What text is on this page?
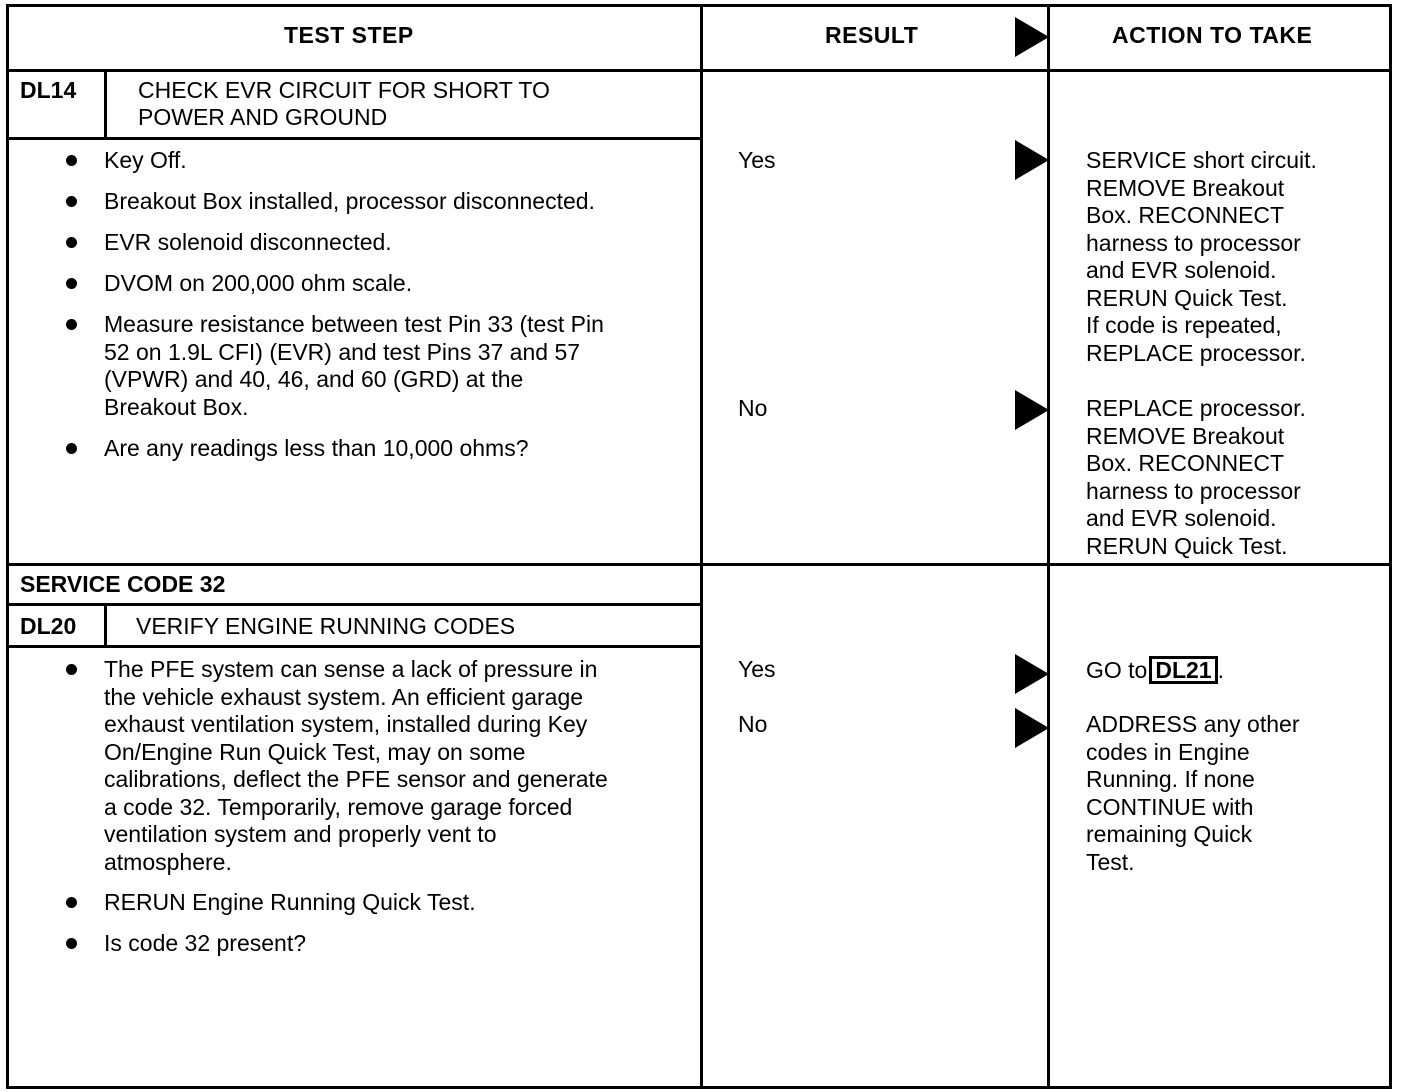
TEST STEP	RESULT	ACTION TO TAKE
DL14	CHECK EVR CIRCUIT FOR SHORT TO
POWER AND GROUND
Key Off.
Breakout Box installed, processor disconnected.
EVR solenoid disconnected.
DVOM on 200,000 ohm scale.
Measure resistance between test Pin 33 (test Pin
52 on 1.9L CFI) (EVR) and test Pins 37 and 57
(VPWR) and 40, 46, and 60 (GRD) at the
Breakout Box.
Are any readings less than 10,000 ohms?
Yes	SERVICE short circuit.
REMOVE Breakout
Box. RECONNECT
harness to processor
and EVR solenoid.
RERUN Quick Test.
If code is repeated,
REPLACE processor.
No	REPLACE processor.
REMOVE Breakout
Box. RECONNECT
harness to processor
and EVR solenoid.
RERUN Quick Test.
SERVICE CODE 32
DL20	VERIFY ENGINE RUNNING CODES
The PFE system can sense a lack of pressure in
the vehicle exhaust system. An efficient garage
exhaust ventilation system, installed during Key
On/Engine Run Quick Test, may on some
calibrations, deflect the PFE sensor and generate
a code 32. Temporarily, remove garage forced
ventilation system and properly vent to
atmosphere.
RERUN Engine Running Quick Test.
Is code 32 present?
Yes	GO to DL21 .
No	ADDRESS any other
codes in Engine
Running. If none
CONTINUE with
remaining Quick
Test.
